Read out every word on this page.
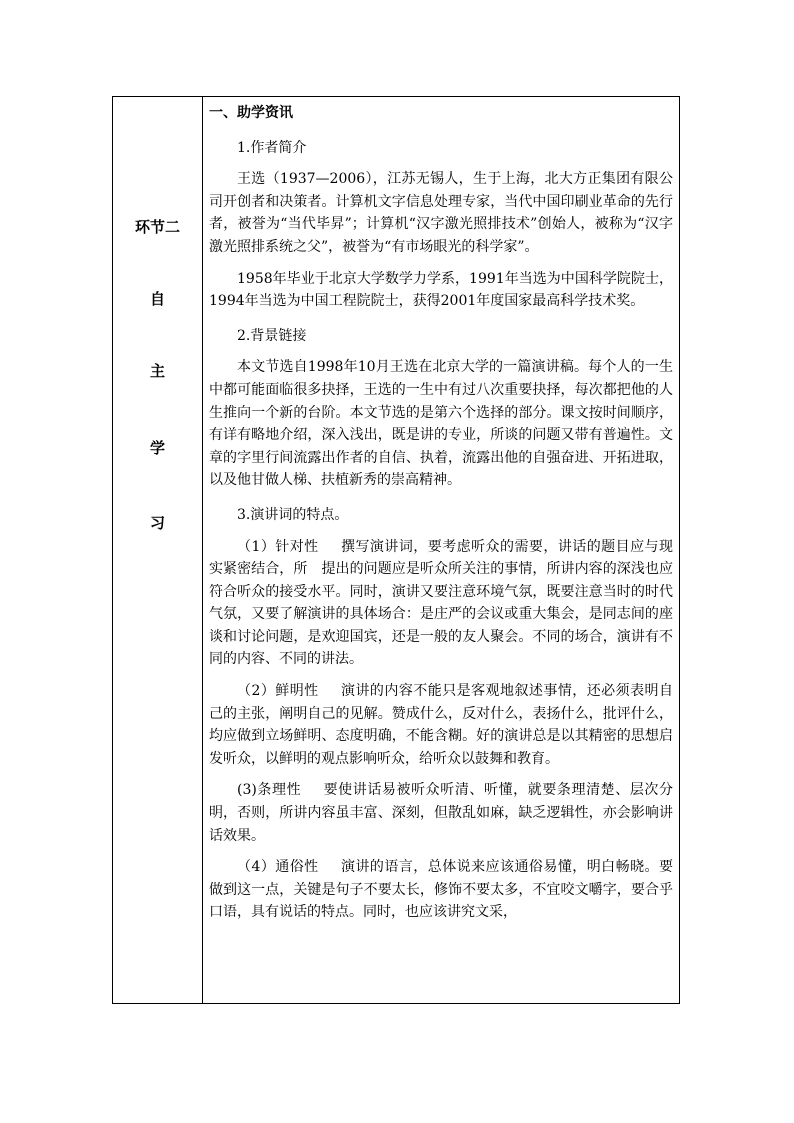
环节二
自
主
学
习

一、助学资讯

1.作者简介

王选（1937—2006），江苏无锡人，生于上海，北大方正集团有限公司开创者和决策者。计算机文字信息处理专家，当代中国印刷业革命的先行者，被誉为“当代毕昇”；计算机“汉字激光照排技术”创始人，被称为“汉字激光照排系统之父”，被誉为“有市场眼光的科学家”。

1958年毕业于北京大学数学力学系，1991年当选为中国科学院院士，1994年当选为中国工程院院士，获得2001年度国家最高科学技术奖。

2.背景链接

本文节选自1998年10月王选在北京大学的一篇演讲稿。每个人的一生中都可能面临很多抉择，王选的一生中有过八次重要抉择，每次都把他的人生推向一个新的台阶。本文节选的是第六个选择的部分。课文按时间顺序，有详有略地介绍，深入浅出，既是讲的专业，所谈的问题又带有普遍性。文章的字里行间流露出作者的自信、执着，流露出他的自强奋进、开拓进取，以及他甘做人梯、扶植新秀的崇高精神。

3.演讲词的特点。

（1）针对性 撰写演讲词，要考虑听众的需要，讲话的题目应与现实紧密结合，所　提出的问题应是听众所关注的事情，所讲内容的深浅也应符合听众的接受水平。同时，演讲又要注意环境气氛，既要注意当时的时代气氛，又要了解演讲的具体场合：是庄严的会议或重大集会，是同志间的座谈和讨论问题，是欢迎国宾，还是一般的友人聚会。不同的场合，演讲有不同的内容、不同的讲法。

（2）鲜明性 演讲的内容不能只是客观地叙述事情，还必须表明自己的主张，阐明自己的见解。赞成什么，反对什么，表扬什么，批评什么，均应做到立场鲜明、态度明确，不能含糊。好的演讲总是以其精密的思想启发听众，以鲜明的观点影响听众，给听众以鼓舞和教育。

(3)条理性 要使讲话易被听众听清、听懂，就要条理清楚、层次分明，否则，所讲内容虽丰富、深刻，但散乱如麻，缺乏逻辑性，亦会影响讲话效果。

（4）通俗性 演讲的语言，总体说来应该通俗易懂，明白畅晓。要做到这一点，关键是句子不要太长，修饰不要太多，不宜咬文嚼字，要合乎口语，具有说话的特点。同时，也应该讲究文采，
